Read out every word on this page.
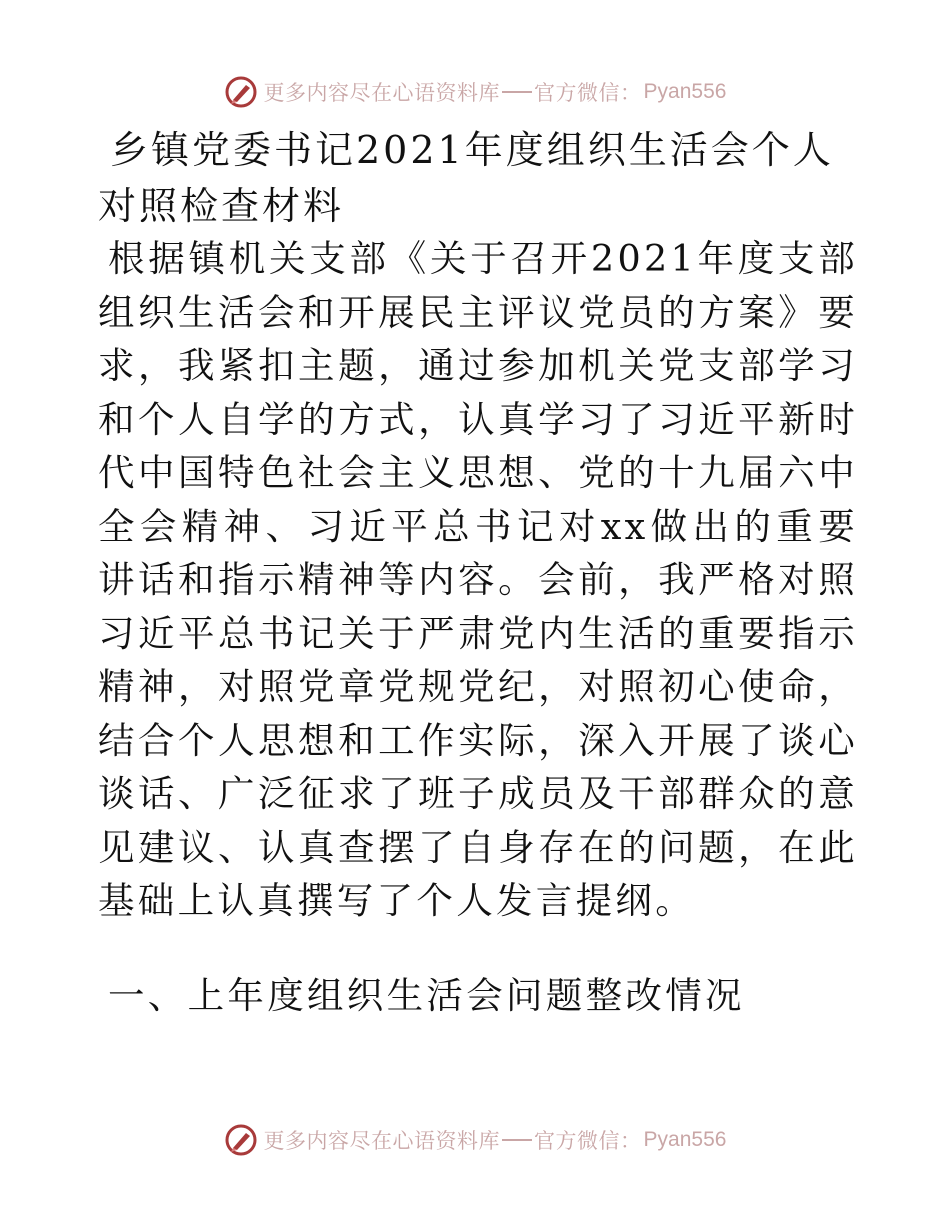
更多内容尽在心语资料库 官方微信： Pyan556
乡镇党委书记2021年度组织生活会个人对照检查材料

根据镇机关支部《关于召开2021年度支部组织生活会和开展民主评议党员的方案》要求，我紧扣主题，通过参加机关党支部学习和个人自学的方式，认真学习了习近平新时代中国特色社会主义思想、党的十九届六中全会精神、习近平总书记对xx做出的重要讲话和指示精神等内容。会前，我严格对照习近平总书记关于严肃党内生活的重要指示精神，对照党章党规党纪，对照初心使命，结合个人思想和工作实际，深入开展了谈心谈话、广泛征求了班子成员及干部群众的意见建议、认真查摆了自身存在的问题，在此基础上认真撰写了个人发言提纲。

一、上年度组织生活会问题整改情况
更多内容尽在心语资料库 官方微信： Pyan556
